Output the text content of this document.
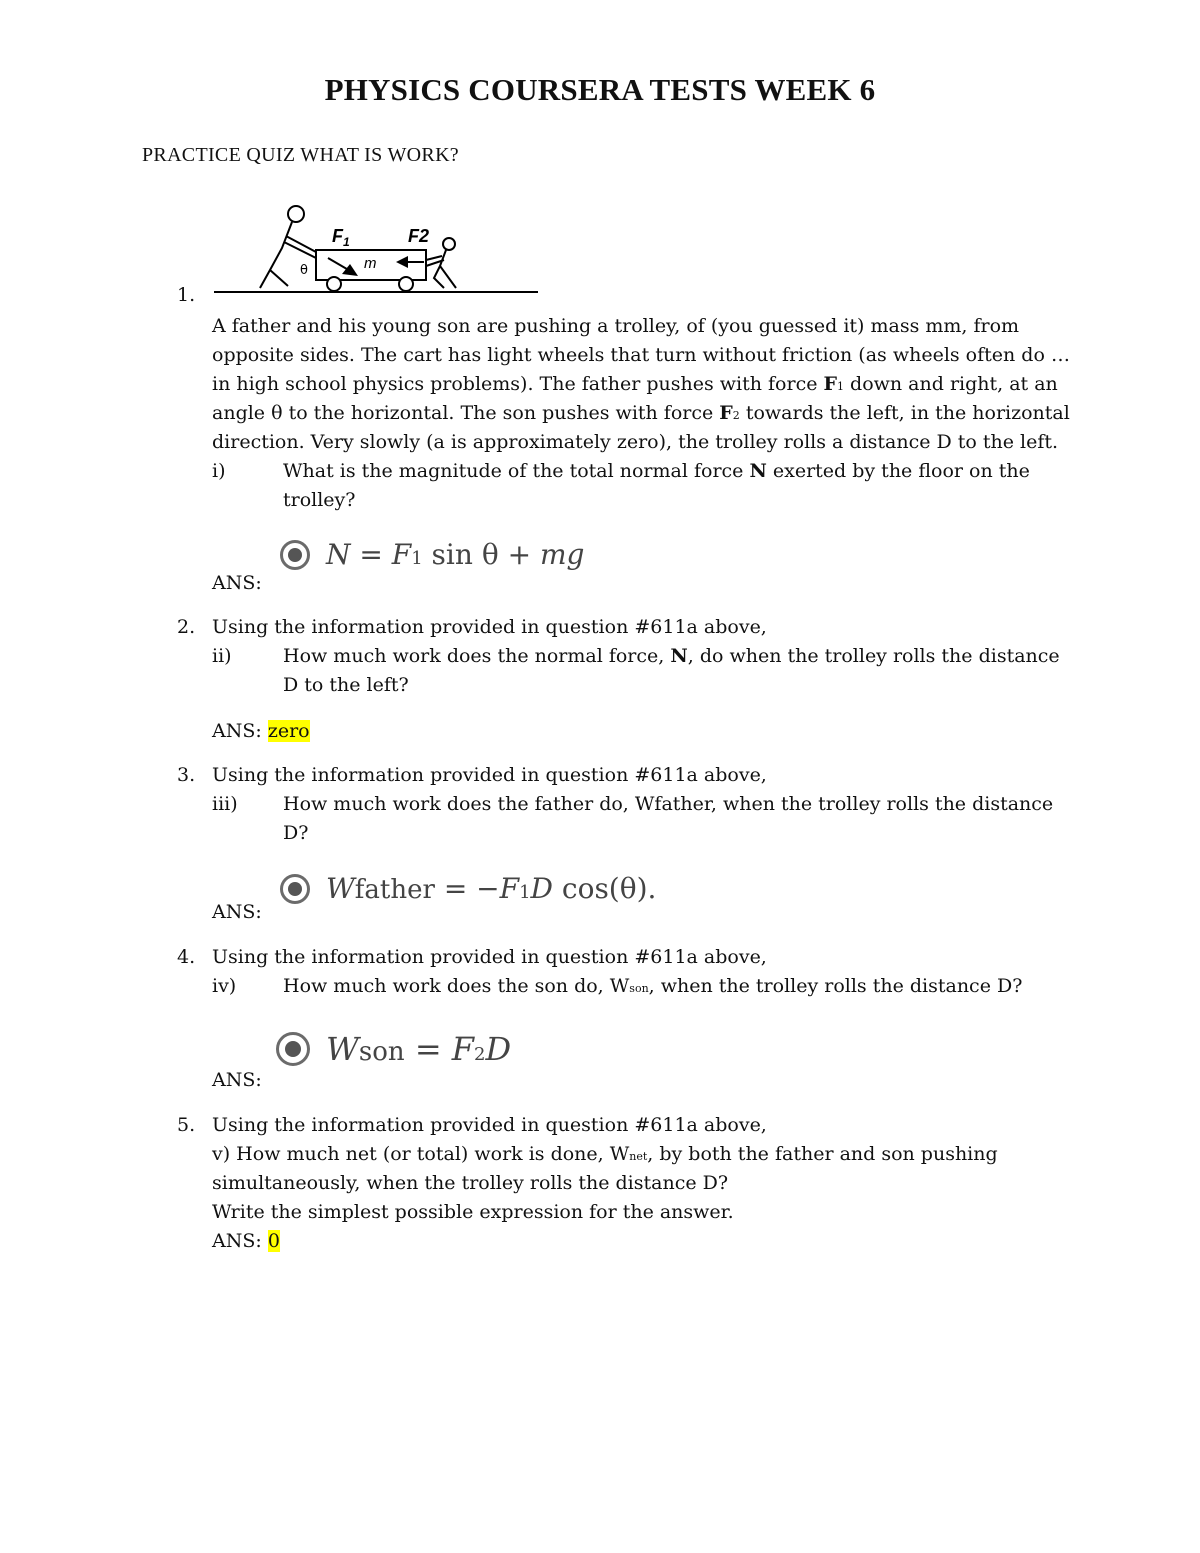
PHYSICS COURSERA TESTS WEEK 6
PRACTICE QUIZ WHAT IS WORK?
$F_1$	F2
θ	m
1.
A father and his young son are pushing a trolley, of (you guessed it) mass mm, from
opposite sides. The cart has light wheels that turn without friction (as wheels often do …
in high school physics problems). The father pushes with force F1 down and right, at an
angle θ to the horizontal. The son pushes with force F2 towards the left, in the horizontal
direction. Very slowly (a is approximately zero), the trolley rolls a distance D to the left.
i)	What is the magnitude of the total normal force N exerted by the floor on the
trolley?
N = F1 sin θ + mg
ANS:
2. Using the information provided in question #611a above,
ii)	How much work does the normal force, N, do when the trolley rolls the distance
D to the left?
ANS: zero
3. Using the information provided in question #611a above,
iii) How much work does the father do, Wfather, when the trolley rolls the distance
D?
Wfather = −F1D cos(θ).
ANS:
4. Using the information provided in question #611a above,
iv) How much work does the son do, Wson, when the trolley rolls the distance D?
Wson = F2D
ANS:
5. Using the information provided in question #611a above,
v) How much net (or total) work is done, Wnet, by both the father and son pushing
simultaneously, when the trolley rolls the distance D?
Write the simplest possible expression for the answer.
ANS: 0
